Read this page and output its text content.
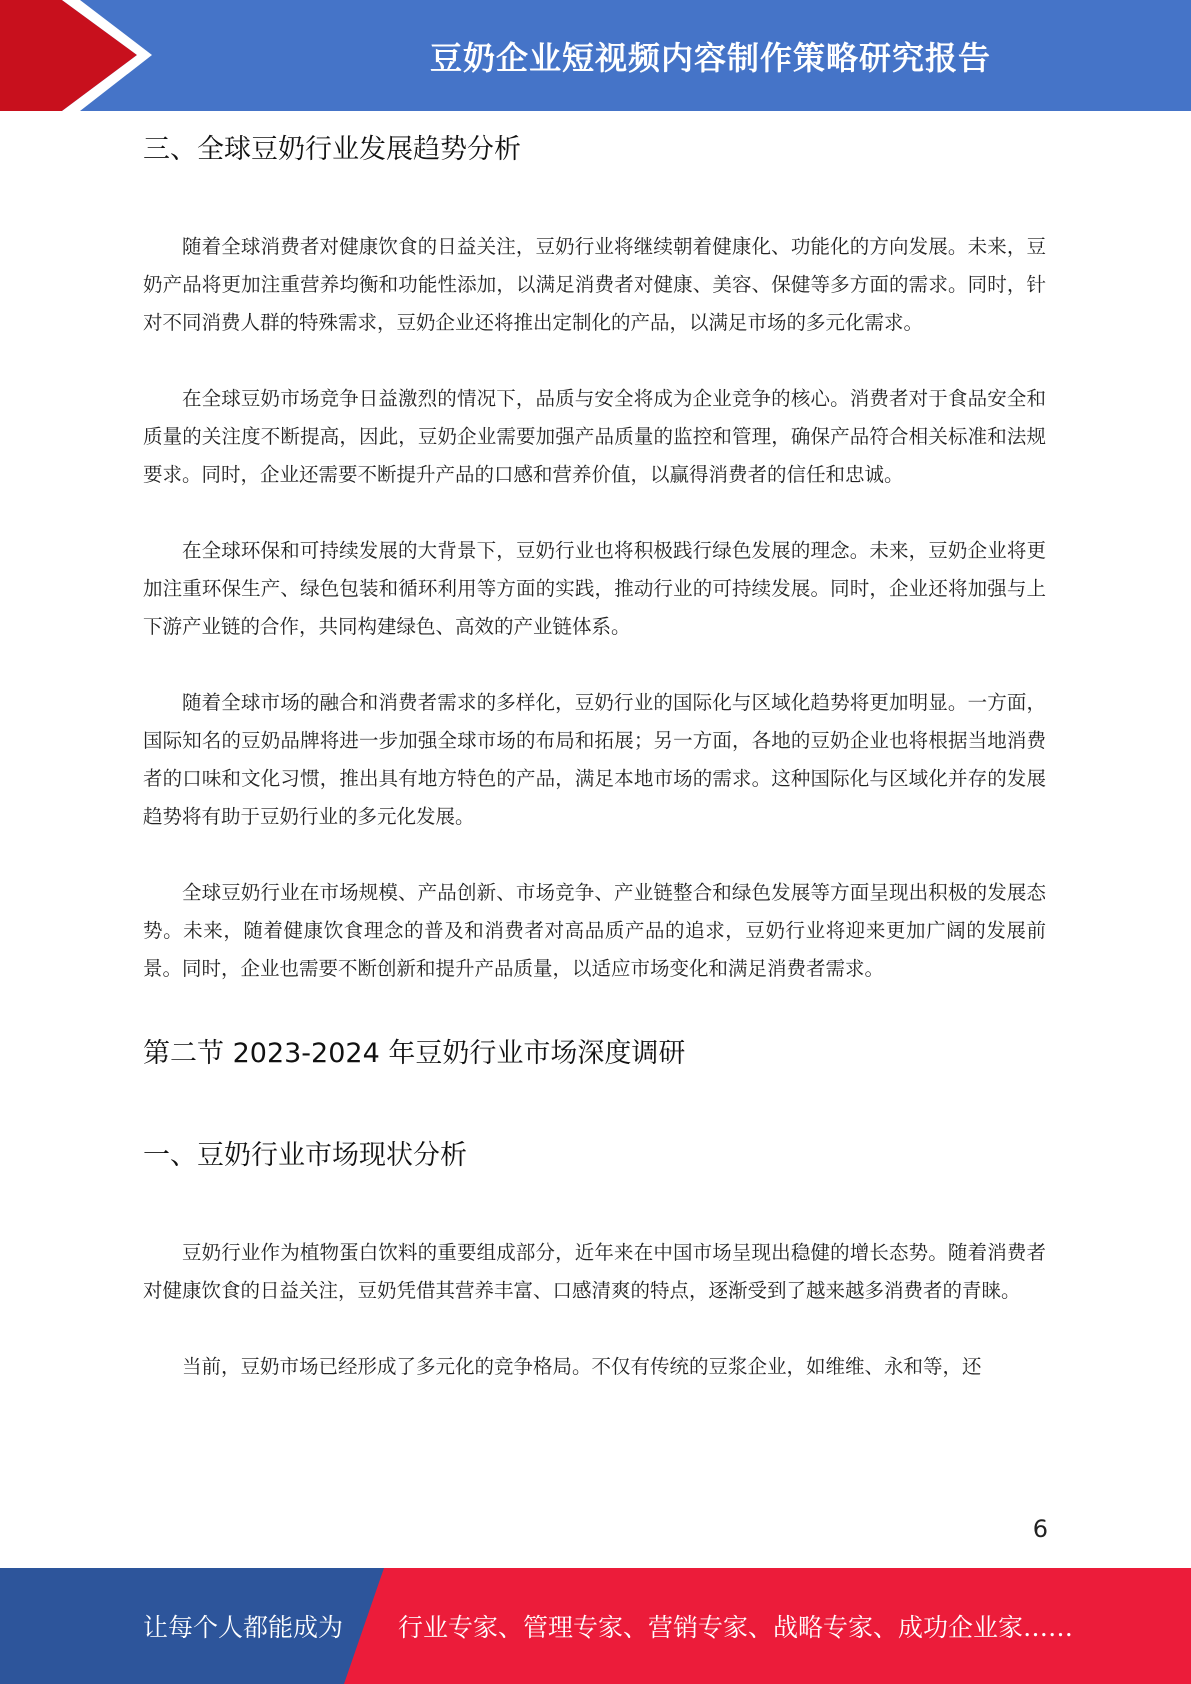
豆奶企业短视频内容制作策略研究报告
三、全球豆奶行业发展趋势分析

随着全球消费者对健康饮食的日益关注，豆奶行业将继续朝着健康化、功能化的方向发展。未来，豆奶产品将更加注重营养均衡和功能性添加，以满足消费者对健康、美容、保健等多方面的需求。同时，针对不同消费人群的特殊需求，豆奶企业还将推出定制化的产品，以满足市场的多元化需求。

在全球豆奶市场竞争日益激烈的情况下，品质与安全将成为企业竞争的核心。消费者对于食品安全和质量的关注度不断提高，因此，豆奶企业需要加强产品质量的监控和管理，确保产品符合相关标准和法规要求。同时，企业还需要不断提升产品的口感和营养价值，以赢得消费者的信任和忠诚。

在全球环保和可持续发展的大背景下，豆奶行业也将积极践行绿色发展的理念。未来，豆奶企业将更加注重环保生产、绿色包装和循环利用等方面的实践，推动行业的可持续发展。同时，企业还将加强与上下游产业链的合作，共同构建绿色、高效的产业链体系。

随着全球市场的融合和消费者需求的多样化，豆奶行业的国际化与区域化趋势将更加明显。一方面，国际知名的豆奶品牌将进一步加强全球市场的布局和拓展；另一方面，各地的豆奶企业也将根据当地消费者的口味和文化习惯，推出具有地方特色的产品，满足本地市场的需求。这种国际化与区域化并存的发展趋势将有助于豆奶行业的多元化发展。

全球豆奶行业在市场规模、产品创新、市场竞争、产业链整合和绿色发展等方面呈现出积极的发展态势。未来，随着健康饮食理念的普及和消费者对高品质产品的追求，豆奶行业将迎来更加广阔的发展前景。同时，企业也需要不断创新和提升产品质量，以适应市场变化和满足消费者需求。

第二节 2023-2024 年豆奶行业市场深度调研
一、豆奶行业市场现状分析

豆奶行业作为植物蛋白饮料的重要组成部分，近年来在中国市场呈现出稳健的增长态势。随着消费者对健康饮食的日益关注，豆奶凭借其营养丰富、口感清爽的特点，逐渐受到了越来越多消费者的青睐。

当前，豆奶市场已经形成了多元化的竞争格局。不仅有传统的豆浆企业，如维维、永和等，还

6
让每个人都能成为 行业专家、管理专家、营销专家、战略专家、成功企业家……
